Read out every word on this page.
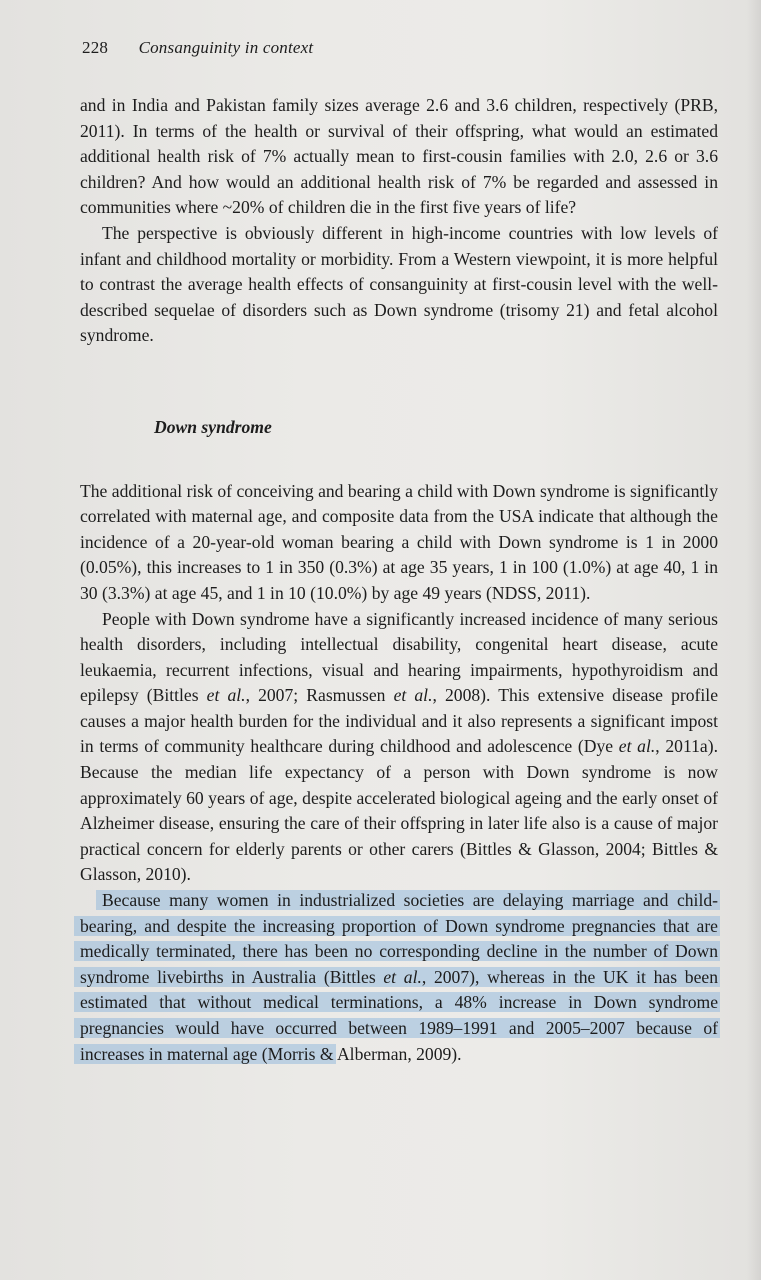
228 Consanguinity in context

and in India and Pakistan family sizes average 2.6 and 3.6 children, respectively (PRB, 2011). In terms of the health or survival of their offspring, what would an estimated additional health risk of 7% actually mean to first-cousin families with 2.0, 2.6 or 3.6 children? And how would an additional health risk of 7% be regarded and assessed in communities where ~20% of children die in the first five years of life?

The perspective is obviously different in high-income countries with low levels of infant and childhood mortality or morbidity. From a Western viewpoint, it is more helpful to contrast the average health effects of consanguinity at first-cousin level with the well-described sequelae of disorders such as Down syndrome (trisomy 21) and fetal alcohol syndrome.

Down syndrome

The additional risk of conceiving and bearing a child with Down syndrome is significantly correlated with maternal age, and composite data from the USA indicate that although the incidence of a 20-year-old woman bearing a child with Down syndrome is 1 in 2000 (0.05%), this increases to 1 in 350 (0.3%) at age 35 years, 1 in 100 (1.0%) at age 40, 1 in 30 (3.3%) at age 45, and 1 in 10 (10.0%) by age 49 years (NDSS, 2011).

People with Down syndrome have a significantly increased incidence of many serious health disorders, including intellectual disability, congenital heart disease, acute leukaemia, recurrent infections, visual and hearing impairments, hypothyroidism and epilepsy (Bittles et al., 2007; Rasmussen et al., 2008). This extensive disease profile causes a major health burden for the individual and it also represents a significant impost in terms of community healthcare during childhood and adolescence (Dye et al., 2011a). Because the median life expectancy of a person with Down syndrome is now approximately 60 years of age, despite accelerated biological ageing and the early onset of Alzheimer disease, ensuring the care of their offspring in later life also is a cause of major practical concern for elderly parents or other carers (Bittles & Glasson, 2004; Bittles & Glasson, 2010).

Because many women in industrialized societies are delaying marriage and child-bearing, and despite the increasing proportion of Down syndrome pregnancies that are medically terminated, there has been no corresponding decline in the number of Down syndrome livebirths in Australia (Bittles et al., 2007), whereas in the UK it has been estimated that without medical terminations, a 48% increase in Down syndrome pregnancies would have occurred between 1989–1991 and 2005–2007 because of increases in maternal age (Morris & Alberman, 2009).
